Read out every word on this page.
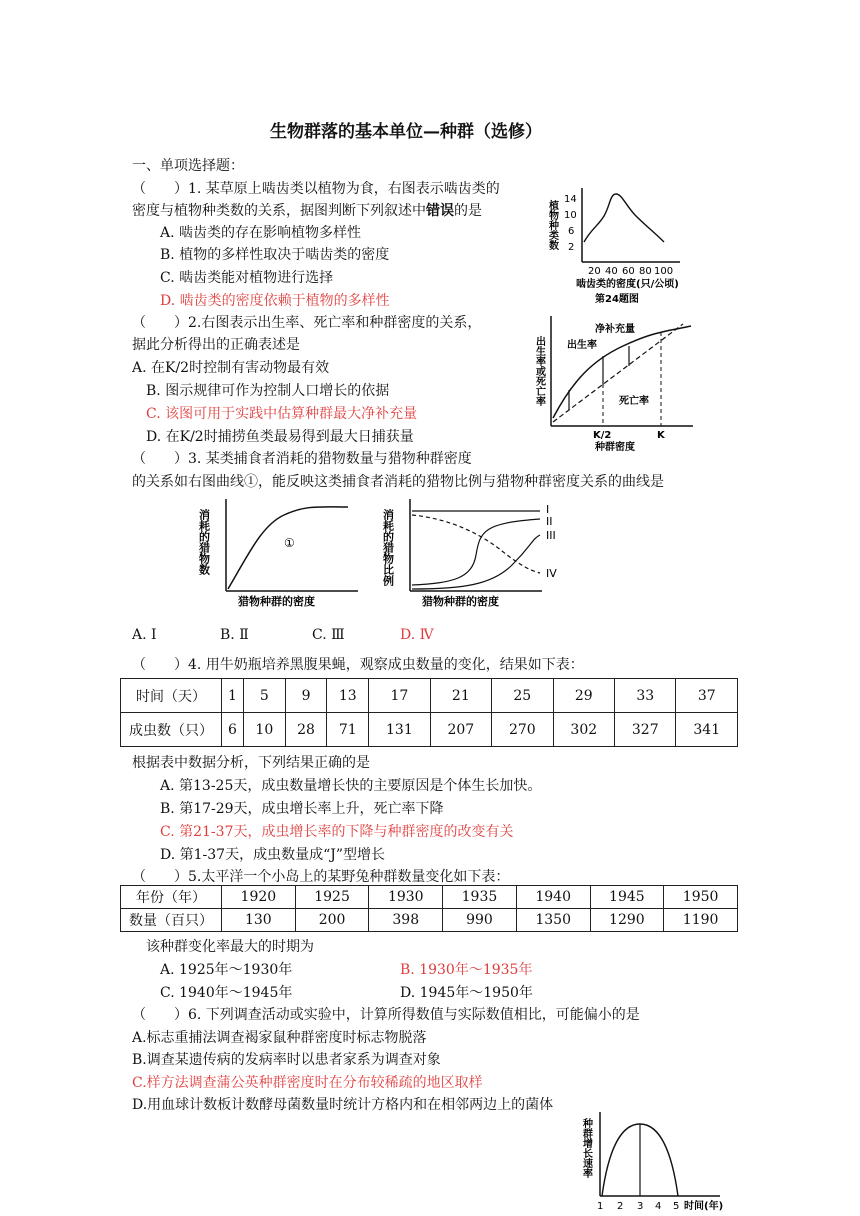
生物群落的基本单位—种群（选修）
一、单项选择题：
（　　）1. 某草原上啮齿类以植物为食，右图表示啮齿类的
密度与植物种类数的关系，据图判断下列叙述中错误的是
A. 啮齿类的存在影响植物多样性
B. 植物的多样性取决于啮齿类的密度
C. 啮齿类能对植物进行选择
D. 啮齿类的密度依赖于植物的多样性
植物种类数
14
10
6
2
20 40 60 80 100
啮齿类的密度(只/公顷)
第24题图
（　　）2.右图表示出生率、死亡率和种群密度的关系，
据此分析得出的正确表述是
A. 在K/2时控制有害动物最有效
B. 图示规律可作为控制人口增长的依据
C. 该图可用于实践中估算种群最大净补充量
D. 在K/2时捕捞鱼类最易得到最大日捕获量
出生率或死亡率
净补充量
出生率
死亡率
K/2	K
种群密度
（　　）3. 某类捕食者消耗的猎物数量与猎物种群密度
的关系如右图曲线①，能反映这类捕食者消耗的猎物比例与猎物种群密度关系的曲线是
消耗的猎物数	①
猎物种群的密度
消耗的猎物比例	I
II
III
IV
猎物种群的密度
A. Ⅰ	B. Ⅱ	C. Ⅲ	D. Ⅳ
（　　）4. 用牛奶瓶培养黑腹果蝇，观察成虫数量的变化，结果如下表：
时间（天）	1	5	9	13	17	21	25	29	33	37
成虫数（只）	6	10	28	71	131	207	270	302	327	341
根据表中数据分析，下列结果正确的是
A. 第13-25天，成虫数量增长快的主要原因是个体生长加快。
B. 第17-29天，成虫增长率上升，死亡率下降
C. 第21-37天，成虫增长率的下降与种群密度的改变有关
D. 第1-37天，成虫数量成“J”型增长
（　　）5.太平洋一个小岛上的某野兔种群数量变化如下表：
年份（年）	1920	1925	1930	1935	1940	1945	1950
数量（百只）	130	200	398	990	1350	1290	1190
该种群变化率最大的时期为
A. 1925年～1930年	B. 1930年～1935年
C. 1940年～1945年	D. 1945年～1950年
（　　）6. 下列调查活动或实验中，计算所得数值与实际数值相比，可能偏小的是
A.标志重捕法调查褐家鼠种群密度时标志物脱落
B.调查某遗传病的发病率时以患者家系为调查对象
C.样方法调查蒲公英种群密度时在分布较稀疏的地区取样
D.用血球计数板计数酵母菌数量时统计方格内和在相邻两边上的菌体
种群增长速率
1 2 3 4 5 时间(年)
